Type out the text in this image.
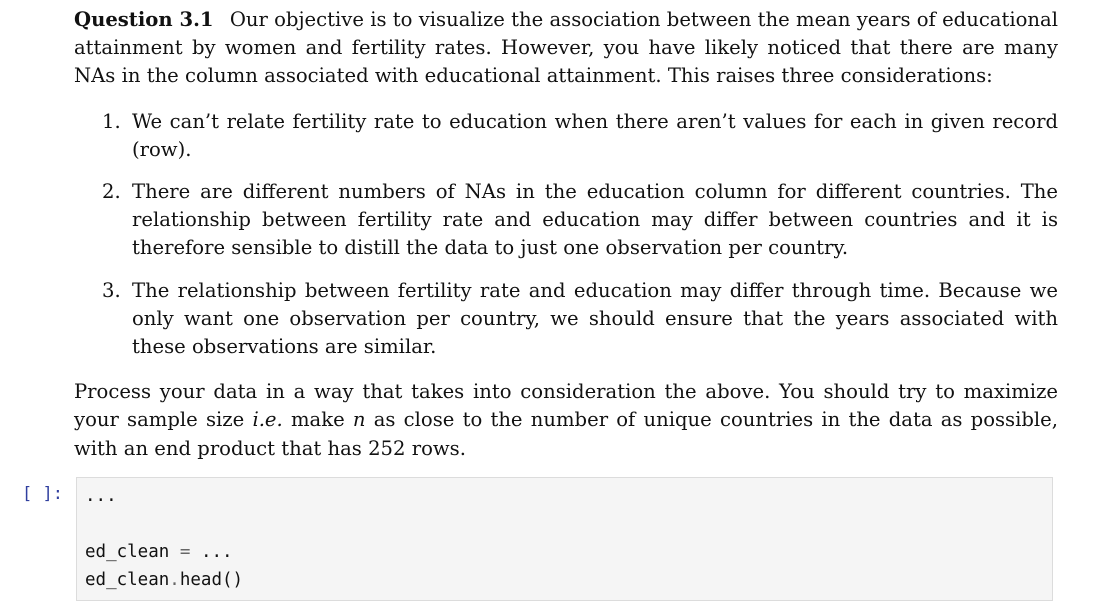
Question 3.1 Our objective is to visualize the association between the mean years of educational attainment by women and fertility rates. However, you have likely noticed that there are many NAs in the column associated with educational attainment. This raises three considerations:

1. We can’t relate fertility rate to education when there aren’t values for each in given record (row).
2. There are different numbers of NAs in the education column for different countries. The relationship between fertility rate and education may differ between countries and it is therefore sensible to distill the data to just one observation per country.
3. The relationship between fertility rate and education may differ through time. Because we only want one observation per country, we should ensure that the years associated with these observations are similar.

Process your data in a way that takes into consideration the above. You should try to maximize your sample size i.e. make n as close to the number of unique countries in the data as possible, with an end product that has 252 rows.

[ ]: ...
ed_clean = ...
ed_clean.head()
